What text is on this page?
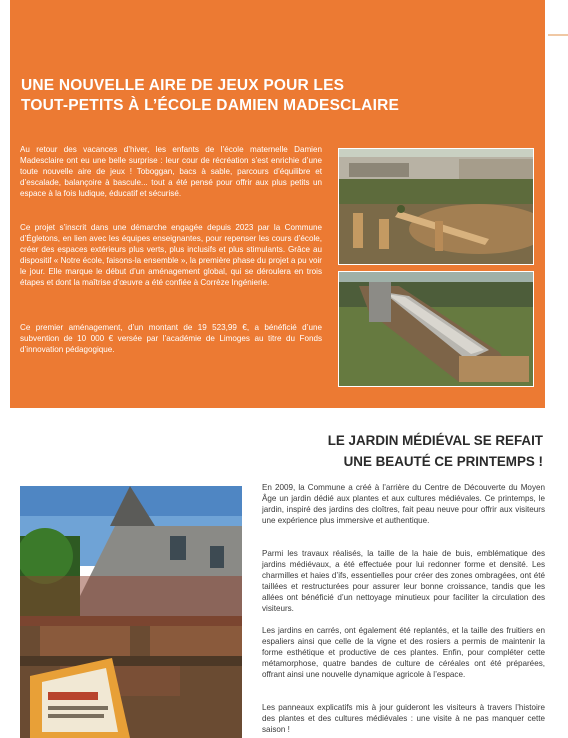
UNE NOUVELLE AIRE DE JEUX POUR LES
TOUT-PETITS À L’ÉCOLE DAMIEN MADESCLAIRE

Au retour des vacances d’hiver, les enfants de l’école maternelle Damien Madesclaire ont eu une belle surprise : leur cour de récréation s’est enrichie d’une toute nouvelle aire de jeux ! Toboggan, bacs à sable, parcours d’équilibre et d’escalade, balançoire à bascule... tout a été pensé pour offrir aux plus petits un espace à la fois ludique, éducatif et sécurisé.

Ce projet s’inscrit dans une démarche engagée depuis 2023 par la Commune d’Égletons, en lien avec les équipes enseignantes, pour repenser les cours d’école, créer des espaces extérieurs plus verts, plus inclusifs et plus stimulants. Grâce au dispositif « Notre école, faisons-la ensemble », la première phase du projet a pu voir le jour. Elle marque le début d’un aménagement global, qui se déroulera en trois étapes et dont la maîtrise d’œuvre a été confiée à Corrèze Ingénierie.

Ce premier aménagement, d’un montant de 19 523,99 €, a bénéficié d’une subvention de 10 000 € versée par l’académie de Limoges au titre du Fonds d’innovation pédagogique.

LE JARDIN MÉDIÉVAL SE REFAIT
UNE BEAUTÉ CE PRINTEMPS !

En 2009, la Commune a créé à l’arrière du Centre de Découverte du Moyen Âge un jardin dédié aux plantes et aux cultures médiévales. Ce printemps, le jardin, inspiré des jardins des cloîtres, fait peau neuve pour offrir aux visiteurs une expérience plus immersive et authentique.

Parmi les travaux réalisés, la taille de la haie de buis, emblématique des jardins médiévaux, a été effectuée pour lui redonner forme et densité. Les charmilles et haies d’ifs, essentielles pour créer des zones ombragées, ont été taillées et restructurées pour assurer leur bonne croissance, tandis que les allées ont bénéficié d’un nettoyage minutieux pour faciliter la circulation des visiteurs.

Les jardins en carrés, ont également été replantés, et la taille des fruitiers en espaliers ainsi que celle de la vigne et des rosiers a permis de maintenir la forme esthétique et productive de ces plantes. Enfin, pour compléter cette métamorphose, quatre bandes de culture de céréales ont été préparées, offrant ainsi une nouvelle dynamique agricole à l’espace.

Les panneaux explicatifs mis à jour guideront les visiteurs à travers l’histoire des plantes et des cultures médiévales : une visite à ne pas manquer cette saison !
